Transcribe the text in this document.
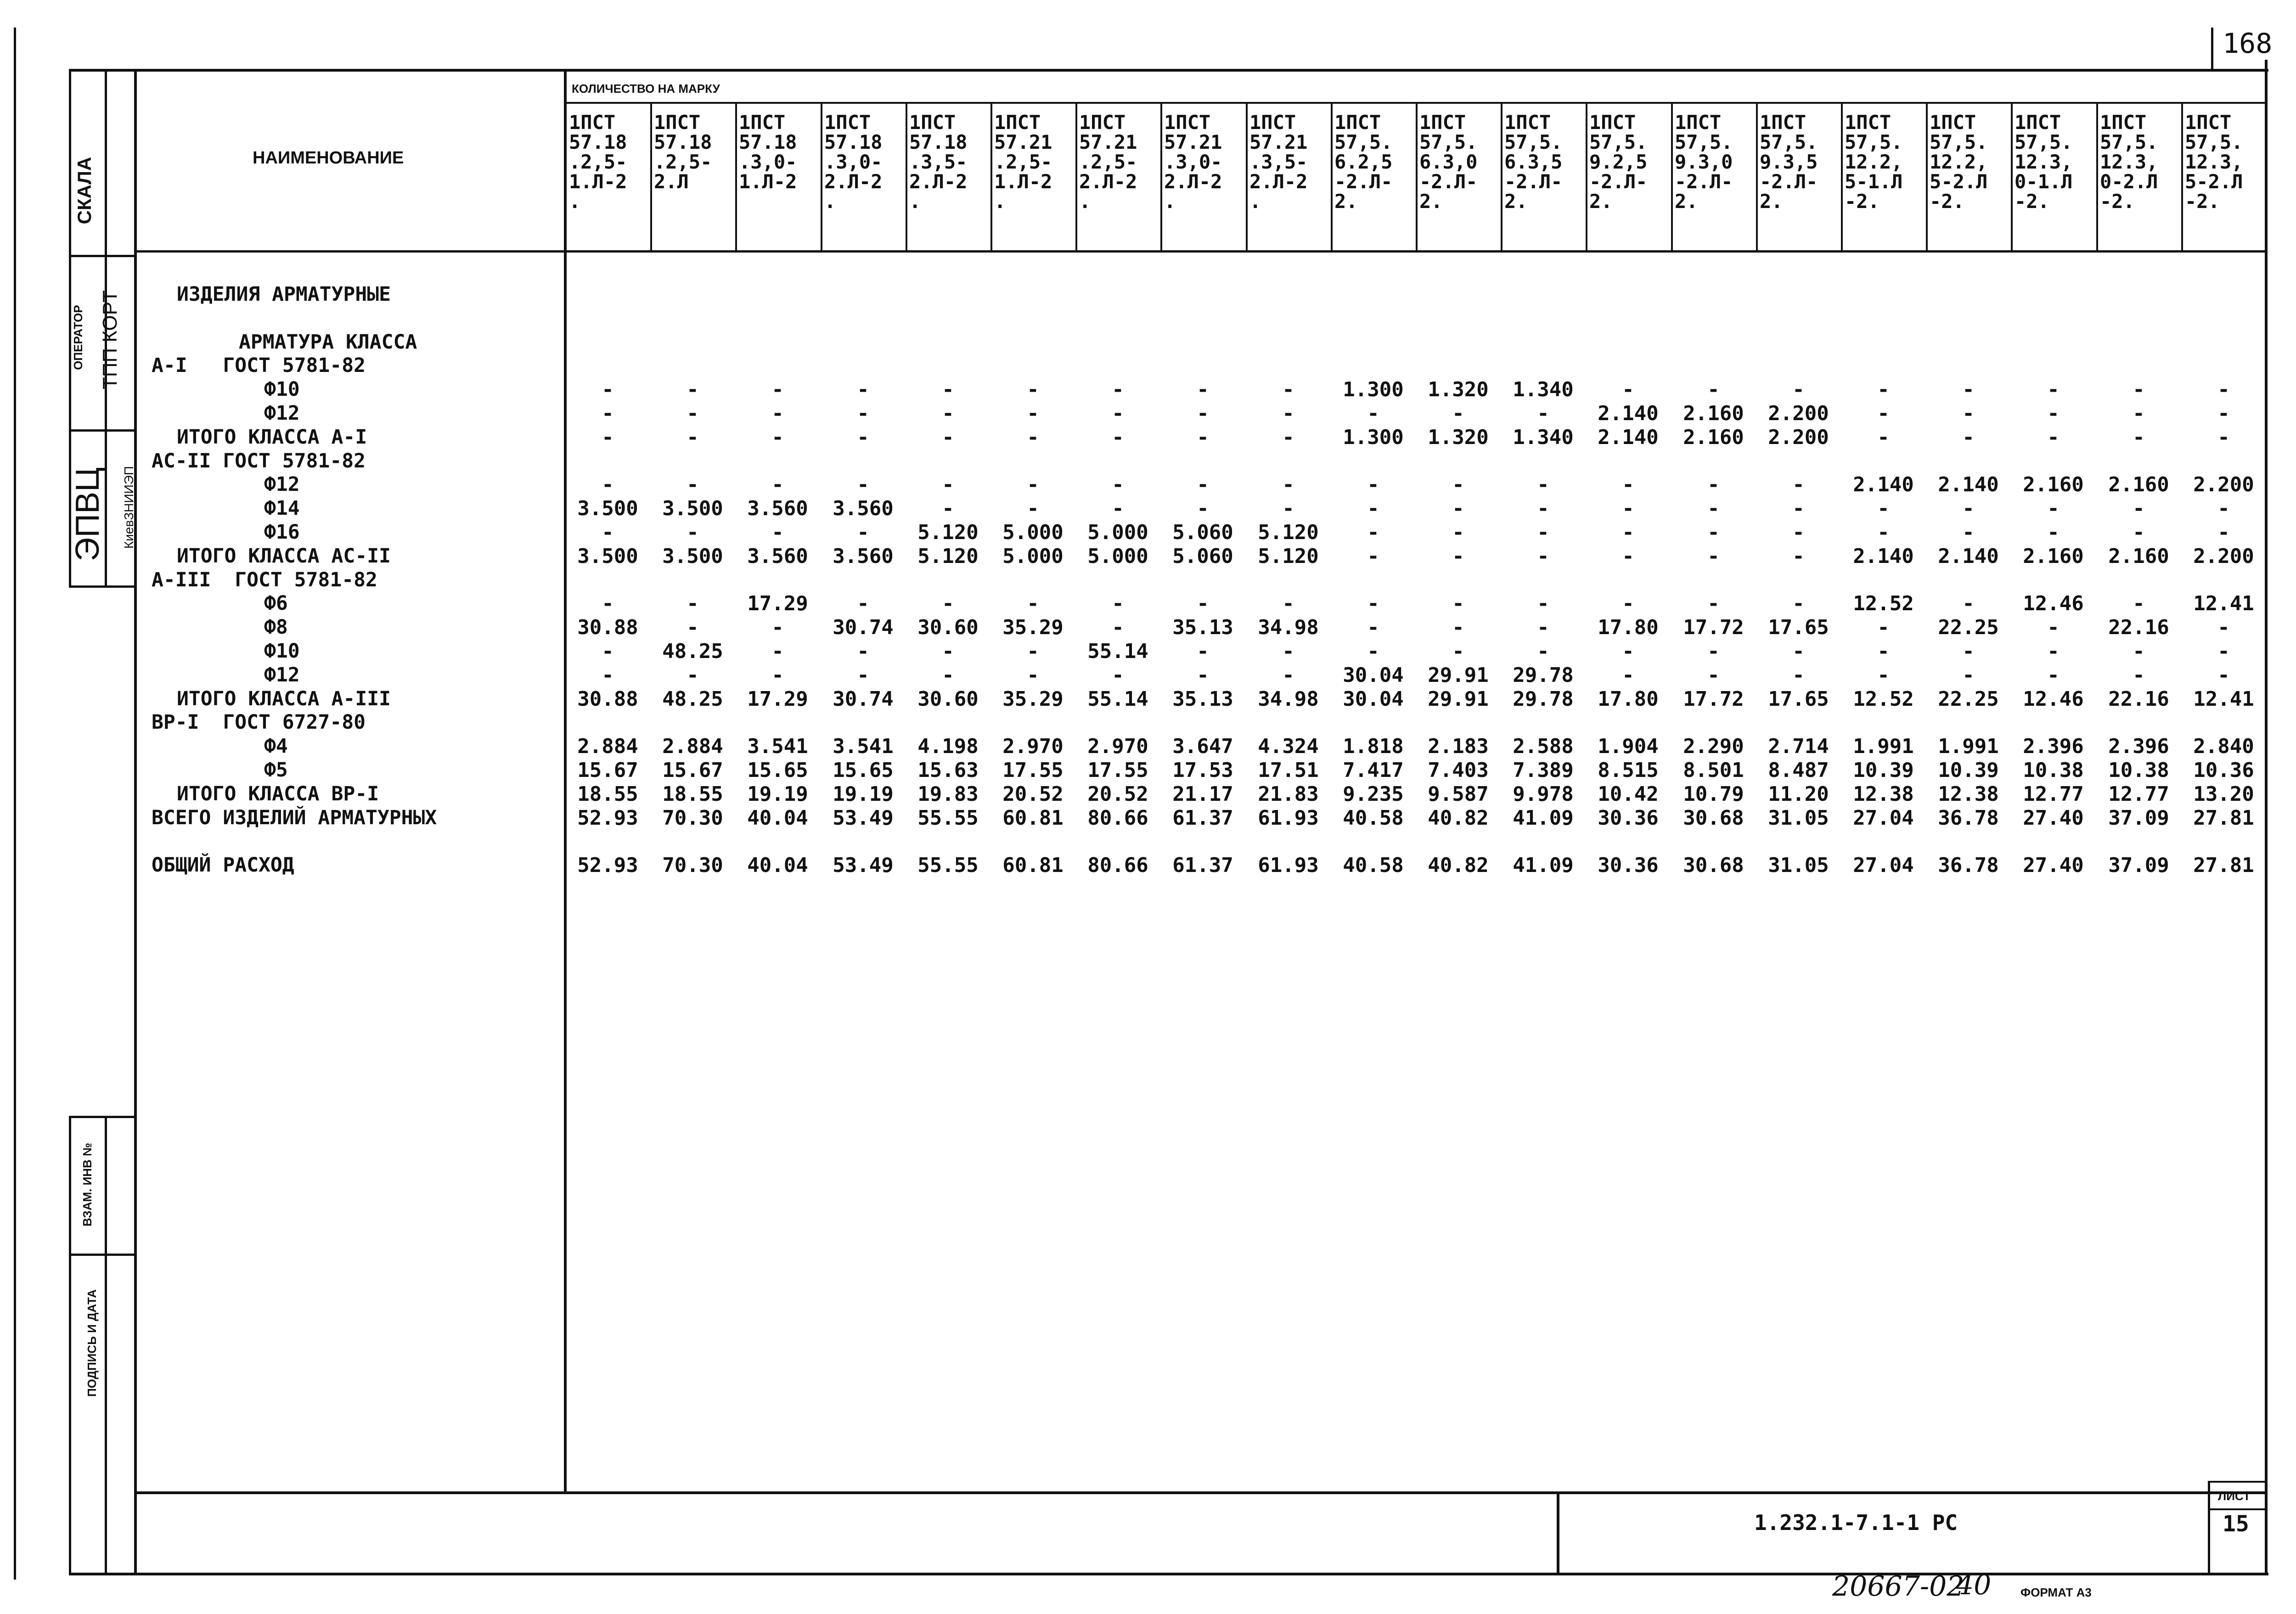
СКАЛА
ОПЕРАТОР ТПП КОРТ
ЭПВЦ КиевЗНИИЭП
ВЗАМ. ИНВ №
ПОДПИСЬ И ДАТА
НАИМЕНОВАНИЕ
КОЛИЧЕСТВО НА МАРКУ
1ПСТ
57.18
.2,5-
1.Л-2
.
1ПСТ
57.18
.2,5-
2.Л
1ПСТ
57.18
.3,0-
1.Л-2
1ПСТ
57.18
.3,0-
2.Л-2
.
1ПСТ
57.18
.3,5-
2.Л-2
.
1ПСТ
57.21
.2,5-
1.Л-2
.
1ПСТ
57.21
.2,5-
2.Л-2
.
1ПСТ
57.21
.3,0-
2.Л-2
.
1ПСТ
57.21
.3,5-
2.Л-2
.
1ПСТ
57,5.
6.2,5
-2.Л-
2.
1ПСТ
57,5.
6.3,0
-2.Л-
2.
1ПСТ
57,5.
6.3,5
-2.Л-
2.
1ПСТ
57,5.
9.2,5
-2.Л-
2.
1ПСТ
57,5.
9.3,0
-2.Л-
2.
1ПСТ
57,5.
9.3,5
-2.Л-
2.
1ПСТ
57,5.
12.2,
5-1.Л
-2.
1ПСТ
57,5.
12.2,
5-2.Л
-2.
1ПСТ
57,5.
12.3,
0-1.Л
-2.
1ПСТ
57,5.
12.3,
0-2.Л
-2.
1ПСТ
57,5.
12.3,
5-2.Л
-2.
ИЗДЕЛИЯ АРМАТУРНЫЕ
АРМАТУРА КЛАССА
А-I   ГОСТ 5781-82
Ф10	-	-	-	-	-	-	-	-	-	1.300	1.320	1.340	-	-	-	-	-	-	-	-
Ф12	-	-	-	-	-	-	-	-	-	-	-	-	2.140	2.160	2.200	-	-	-	-	-
ИТОГО КЛАССА А-I	-	-	-	-	-	-	-	-	-	1.300	1.320	1.340	2.140	2.160	2.200	-	-	-	-	-
АС-II ГОСТ 5781-82
Ф12	-	-	-	-	-	-	-	-	-	-	-	-	-	-	-	2.140	2.140	2.160	2.160	2.200
Ф14	3.500	3.500	3.560	3.560	-	-	-	-	-	-	-	-	-	-	-	-	-	-	-	-
Ф16	-	-	-	-	5.120	5.000	5.000	5.060	5.120	-	-	-	-	-	-	-	-	-	-	-
ИТОГО КЛАССА АС-II	3.500	3.500	3.560	3.560	5.120	5.000	5.000	5.060	5.120	-	-	-	-	-	-	2.140	2.140	2.160	2.160	2.200
А-III  ГОСТ 5781-82
Ф6	-	-	17.29	-	-	-	-	-	-	-	-	-	-	-	-	12.52	-	12.46	-	12.41
Ф8	30.88	-	-	30.74	30.60	35.29	-	35.13	34.98	-	-	-	17.80	17.72	17.65	-	22.25	-	22.16	-
Ф10	-	48.25	-	-	-	-	55.14	-	-	-	-	-	-	-	-	-	-	-	-	-
Ф12	-	-	-	-	-	-	-	-	-	30.04	29.91	29.78	-	-	-	-	-	-	-	-
ИТОГО КЛАССА А-III	30.88	48.25	17.29	30.74	30.60	35.29	55.14	35.13	34.98	30.04	29.91	29.78	17.80	17.72	17.65	12.52	22.25	12.46	22.16	12.41
ВР-I  ГОСТ 6727-80
Ф4	2.884	2.884	3.541	3.541	4.198	2.970	2.970	3.647	4.324	1.818	2.183	2.588	1.904	2.290	2.714	1.991	1.991	2.396	2.396	2.840
Ф5	15.67	15.67	15.65	15.65	15.63	17.55	17.55	17.53	17.51	7.417	7.403	7.389	8.515	8.501	8.487	10.39	10.39	10.38	10.38	10.36
ИТОГО КЛАССА ВР-I	18.55	18.55	19.19	19.19	19.83	20.52	20.52	21.17	21.83	9.235	9.587	9.978	10.42	10.79	11.20	12.38	12.38	12.77	12.77	13.20
ВСЕГО ИЗДЕЛИЙ АРМАТУРНЫХ	52.93	70.30	40.04	53.49	55.55	60.81	80.66	61.37	61.93	40.58	40.82	41.09	30.36	30.68	31.05	27.04	36.78	27.40	37.09	27.81
ОБЩИЙ РАСХОД	52.93	70.30	40.04	53.49	55.55	60.81	80.66	61.37	61.93	40.58	40.82	41.09	30.36	30.68	31.05	27.04	36.78	27.40	37.09	27.81
1.232.1-7.1-1 РС
ЛИСТ
15
168
20667-02
40 ФОРМАТ А3
